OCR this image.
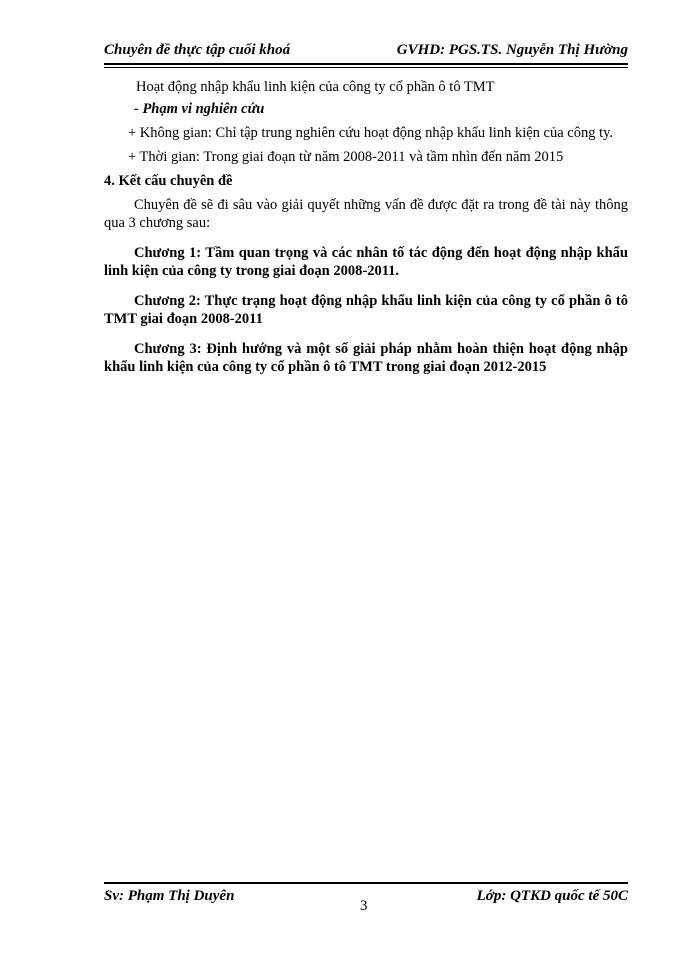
Chuyên đề thực tập cuối khoá	GVHD: PGS.TS. Nguyễn Thị Hường

Hoạt động nhập khẩu linh kiện của công ty cổ phần ô tô TMT

- Phạm vi nghiên cứu

+ Không gian: Chỉ tập trung nghiên cứu hoạt động nhập khẩu linh kiện của công ty.

+ Thời gian: Trong giai đoạn từ năm 2008-2011 và tầm nhìn đến năm 2015

4. Kết cấu chuyên đề

Chuyên đề sẽ đi sâu vào giải quyết những vấn đề được đặt ra trong đề tài này thông qua 3 chương sau:

Chương 1: Tầm quan trọng và các nhân tố tác động đến hoạt động nhập khẩu linh kiện của công ty trong giai đoạn 2008-2011.

Chương 2: Thực trạng hoạt động nhập khẩu linh kiện của công ty cổ phần ô tô TMT giai đoạn 2008-2011

Chương 3: Định hướng và một số giải pháp nhằm hoàn thiện hoạt động nhập khẩu linh kiện của công ty cổ phần ô tô TMT trong giai đoạn 2012-2015

Sv: Phạm Thị Duyên	Lớp: QTKD quốc tế 50C
3
